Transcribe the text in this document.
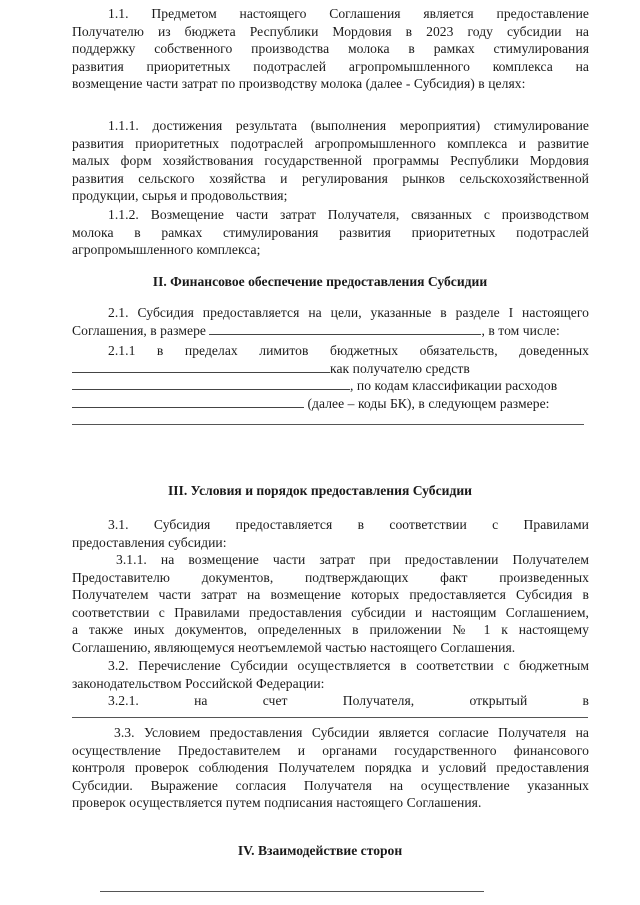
1.1. Предметом настоящего Соглашения является предоставление
Получателю из бюджета Республики Мордовия в 2023 году субсидии на
поддержку собственного производства молока в рамках стимулирования
развития приоритетных подотраслей агропромышленного комплекса на
возмещение части затрат по производству молока (далее - Субсидия) в целях:
1.1.1. достижения результата (выполнения мероприятия) стимулирование
развития приоритетных подотраслей агропромышленного комплекса и развитие
малых форм хозяйствования государственной программы Республики Мордовия
развития сельского хозяйства и регулирования рынков сельскохозяйственной
продукции, сырья и продовольствия;
1.1.2. Возмещение части затрат Получателя, связанных с производством
молока в рамках стимулирования развития приоритетных подотраслей
агропромышленного комплекса;
II. Финансовое обеспечение предоставления Субсидии
2.1. Субсидия предоставляется на цели, указанные в разделе I настоящего
Соглашения, в размере	, в том числе:
2.1.1 в пределах лимитов бюджетных обязательств, доведенных
как получателю средств
, по кодам классификации расходов
(далее – коды БК), в следующем размере:
III. Условия и порядок предоставления Субсидии
3.1. Субсидия предоставляется в соответствии с Правилами
предоставления субсидии:
3.1.1. на возмещение части затрат при предоставлении Получателем
Предоставителю документов, подтверждающих факт произведенных
Получателем части затрат на возмещение которых предоставляется Субсидия в
соответствии с Правилами предоставления субсидии и настоящим Соглашением,
а также иных документов, определенных в приложении № 1 к настоящему
Соглашению, являющемуся неотъемлемой частью настоящего Соглашения.
3.2. Перечисление Субсидии осуществляется в соответствии с бюджетным
законодательством Российской Федерации:
3.2.1. на счет Получателя, открытый в
3.3. Условием предоставления Субсидии является согласие Получателя на
осуществление Предоставителем и органами государственного финансового
контроля проверок соблюдения Получателем порядка и условий предоставления
Субсидии. Выражение согласия Получателя на осуществление указанных
проверок осуществляется путем подписания настоящего Соглашения.
IV. Взаимодействие сторон
